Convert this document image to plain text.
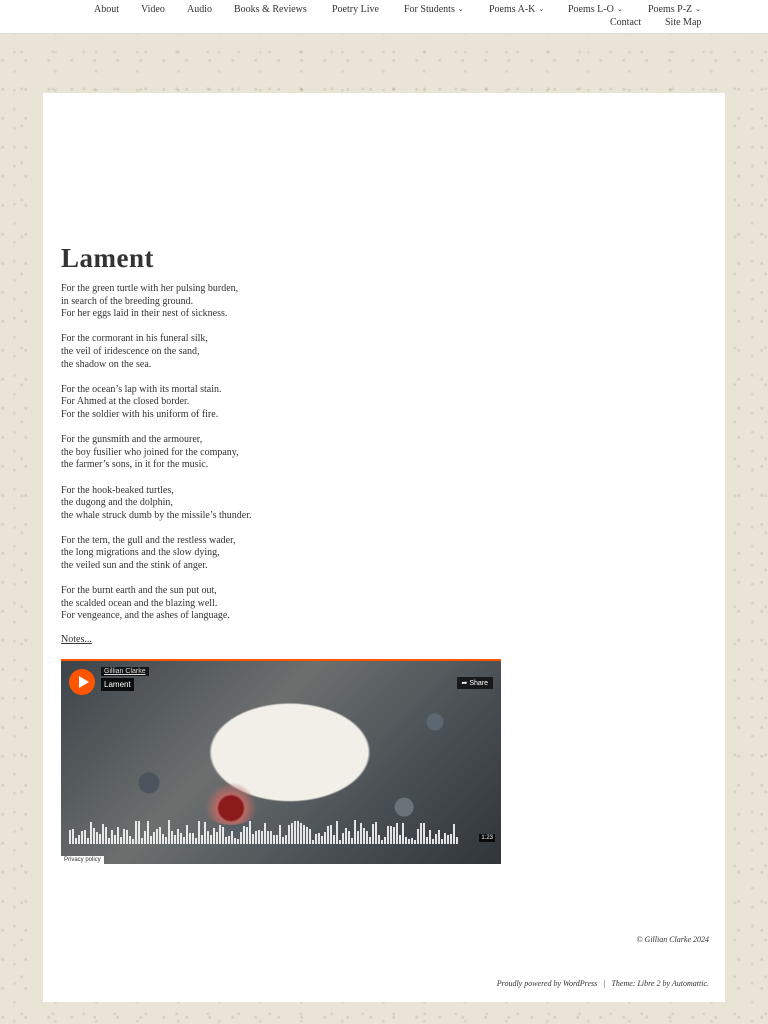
About Video Audio Books & Reviews	Poetry Live	For Students ⌄	Poems A-K ⌄ Poems L-O ⌄	Poems P-Z ⌄
Contact Site Map
Lament
For the green turtle with her pulsing burden,
in search of the breeding ground.
For her eggs laid in their nest of sickness.
For the cormorant in his funeral silk,
the veil of iridescence on the sand,
the shadow on the sea.
For the ocean’s lap with its mortal stain.
For Ahmed at the closed border.
For the soldier with his uniform of fire.
For the gunsmith and the armourer,
the boy fusilier who joined for the company,
the farmer’s sons, in it for the music.
For the hook-beaked turtles,
the dugong and the dolphin,
the whale struck dumb by the missile’s thunder.
For the tern, the gull and the restless wader,
the long migrations and the slow dying,
the veiled sun and the stink of anger.
For the burnt earth and the sun put out,
the scalded ocean and the blazing well.
For vengeance, and the ashes of language.
Notes...
Gillian Clarke
Lament	➦ Share
1:23
Privacy policy
© Gillian Clarke 2024
Proudly powered by WordPress | Theme: Libre 2 by Automattic.
